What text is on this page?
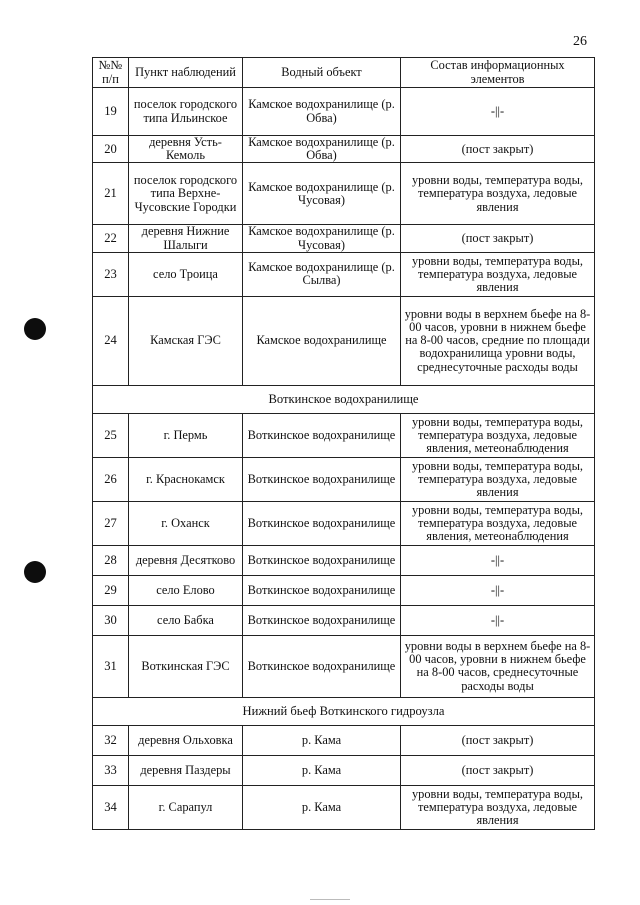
26
№№ п/п	Пункт наблюдений	Водный объект	Состав информационных элементов
19	поселок городского типа Ильинское	Камское водохранилище (р. Обва)	-||-
20	деревня Усть-Кемоль	Камское водохранилище (р. Обва)	(пост закрыт)
21	поселок городского типа Верхне-Чусовские Городки	Камское водохранилище (р. Чусовая)	уровни воды, температура воды, температура воздуха, ледовые явления
22	деревня Нижние Шалыги	Камское водохранилище (р. Чусовая)	(пост закрыт)
23	село Троица	Камское водохранилище (р. Сылва)	уровни воды, температура воды, температура воздуха, ледовые явления
24	Камская ГЭС	Камское водохранилище	уровни воды в верхнем бьефе на 8-00 часов, уровни в нижнем бьефе на 8-00 часов, средние по площади водохранилища уровни воды, среднесуточные расходы воды
Воткинское водохранилище			
25	г. Пермь	Воткинское водохранилище	уровни воды, температура воды, температура воздуха, ледовые явления, метеонаблюдения
26	г. Краснокамск	Воткинское водохранилище	уровни воды, температура воды, температура воздуха, ледовые явления
27	г. Оханск	Воткинское водохранилище	уровни воды, температура воды, температура воздуха, ледовые явления, метеонаблюдения
28	деревня Десятково	Воткинское водохранилище	-||-
29	село Елово	Воткинское водохранилище	-||-
30	село Бабка	Воткинское водохранилище	-||-
31	Воткинская ГЭС	Воткинское водохранилище	уровни воды в верхнем бьефе на 8-00 часов, уровни в нижнем бьефе на 8-00 часов, среднесуточные расходы воды
Нижний бьеф Воткинского гидроузла			
32	деревня Ольховка	р. Кама	(пост закрыт)
33	деревня Паздеры	р. Кама	(пост закрыт)
34	г. Сарапул	р. Кама	уровни воды, температура воды, температура воздуха, ледовые явления
